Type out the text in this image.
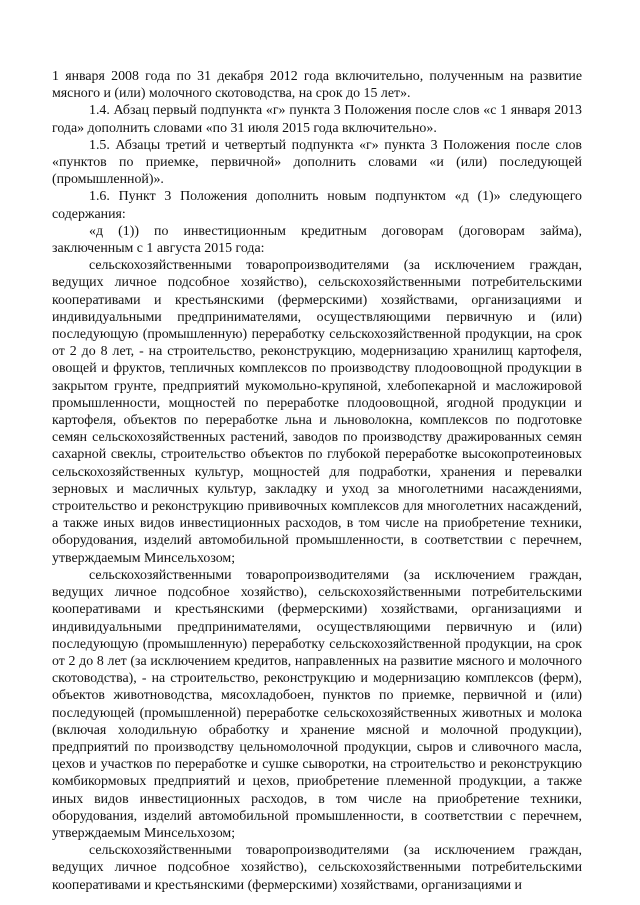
1 января 2008 года по 31 декабря 2012 года включительно, полученным на развитие мясного и (или) молочного скотоводства, на срок до 15 лет».

1.4. Абзац первый подпункта «г» пункта 3 Положения после слов «с 1 января 2013 года» дополнить словами «по 31 июля 2015 года включительно».

1.5. Абзацы третий и четвертый подпункта «г» пункта 3 Положения после слов «пунктов по приемке, первичной» дополнить словами «и (или) последующей (промышленной)».

1.6. Пункт 3 Положения дополнить новым подпунктом «д (1)» следующего содержания:

«д (1)) по инвестиционным кредитным договорам (договорам займа), заключенным с 1 августа 2015 года:

сельскохозяйственными товаропроизводителями (за исключением граждан, ведущих личное подсобное хозяйство), сельскохозяйственными потребительскими кооперативами и крестьянскими (фермерскими) хозяйствами, организациями и индивидуальными предпринимателями, осуществляющими первичную и (или) последующую (промышленную) переработку сельскохозяйственной продукции, на срок от 2 до 8 лет, - на строительство, реконструкцию, модернизацию хранилищ картофеля, овощей и фруктов, тепличных комплексов по производству плодоовощной продукции в закрытом грунте, предприятий мукомольно-крупяной, хлебопекарной и масложировой промышленности, мощностей по переработке плодоовощной, ягодной продукции и картофеля, объектов по переработке льна и льноволокна, комплексов по подготовке семян сельскохозяйственных растений, заводов по производству дражированных семян сахарной свеклы, строительство объектов по глубокой переработке высокопротеиновых сельскохозяйственных культур, мощностей для подработки, хранения и перевалки зерновых и масличных культур, закладку и уход за многолетними насаждениями, строительство и реконструкцию прививочных комплексов для многолетних насаждений, а также иных видов инвестиционных расходов, в том числе на приобретение техники, оборудования, изделий автомобильной промышленности, в соответствии с перечнем, утверждаемым Минсельхозом;

сельскохозяйственными товаропроизводителями (за исключением граждан, ведущих личное подсобное хозяйство), сельскохозяйственными потребительскими кооперативами и крестьянскими (фермерскими) хозяйствами, организациями и индивидуальными предпринимателями, осуществляющими первичную и (или) последующую (промышленную) переработку сельскохозяйственной продукции, на срок от 2 до 8 лет (за исключением кредитов, направленных на развитие мясного и молочного скотоводства), - на строительство, реконструкцию и модернизацию комплексов (ферм), объектов животноводства, мясохладобоен, пунктов по приемке, первичной и (или) последующей (промышленной) переработке сельскохозяйственных животных и молока (включая холодильную обработку и хранение мясной и молочной продукции), предприятий по производству цельномолочной продукции, сыров и сливочного масла, цехов и участков по переработке и сушке сыворотки, на строительство и реконструкцию комбикормовых предприятий и цехов, приобретение племенной продукции, а также иных видов инвестиционных расходов, в том числе на приобретение техники, оборудования, изделий автомобильной промышленности, в соответствии с перечнем, утверждаемым Минсельхозом;

сельскохозяйственными товаропроизводителями (за исключением граждан, ведущих личное подсобное хозяйство), сельскохозяйственными потребительскими кооперативами и крестьянскими (фермерскими) хозяйствами, организациями и
